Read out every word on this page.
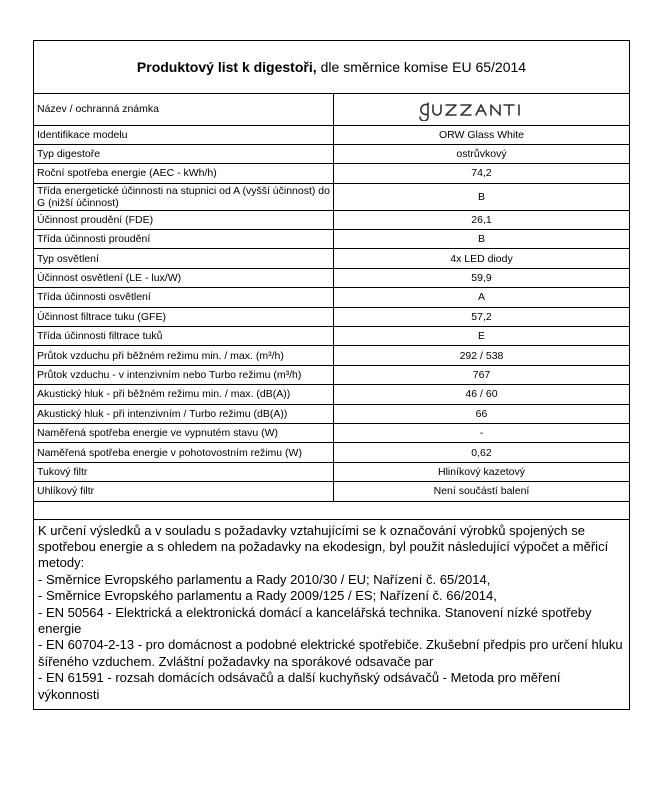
Produktový list k digestoři, dle směrnice komise EU 65/2014
Název / ochranná známka	

Identifikace modelu	ORW Glass White
Typ digestoře	ostrůvkový
Roční spotřeba energie (AEC - kWh/h)	74,2
Třída energetické účinnosti na stupnici od A (vyšší účinnost) do G (nižší účinnost)	B
Účinnost proudění (FDE)	26,1
Třída účinnosti proudění	B
Typ osvětlení	4x LED diody
Účinnost osvětlení (LE - lux/W)	59,9
Třída účinnosti osvětlení	A
Účinnost filtrace tuku (GFE)	57,2
Třída účinnosti filtrace tuků	E
Průtok vzduchu při běžném režimu min. / max. (m³/h)	292 / 538
Průtok vzduchu - v intenzivním nebo Turbo režimu (m³/h)	767
Akustický hluk - při běžném režimu min. / max. (dB(A))	46 / 60
Akustický hluk - při intenzivním / Turbo režimu (dB(A))	66
Naměřená spotřeba energie ve vypnutém stavu (W)	-
Naměřená spotřeba energie v pohotovostním režimu (W)	0,62
Tukový filtr	Hliníkový kazetový
Uhlíkový filtr	Není součástí balení

K určení výsledků a v souladu s požadavky vztahujícími se k označování výrobků spojených se spotřebou energie a s ohledem na požadavky na ekodesign, byl použit následující výpočet a měřicí metody:
- Směrnice Evropského parlamentu a Rady 2010/30 / EU; Nařízení č. 65/2014,
- Směrnice Evropského parlamentu a Rady 2009/125 / ES; Nařízení č. 66/2014,
- EN 50564 - Elektrická a elektronická domácí a kancelářská technika. Stanovení nízké spotřeby energie
- EN 60704-2-13 - pro domácnost a podobné elektrické spotřebiče. Zkušební předpis pro určení hluku šířeného vzduchem. Zvláštní požadavky na sporákové odsavače par
- EN 61591 - rozsah domácích odsávačů a další kuchyňský odsávačů - Metoda pro měření výkonnosti
